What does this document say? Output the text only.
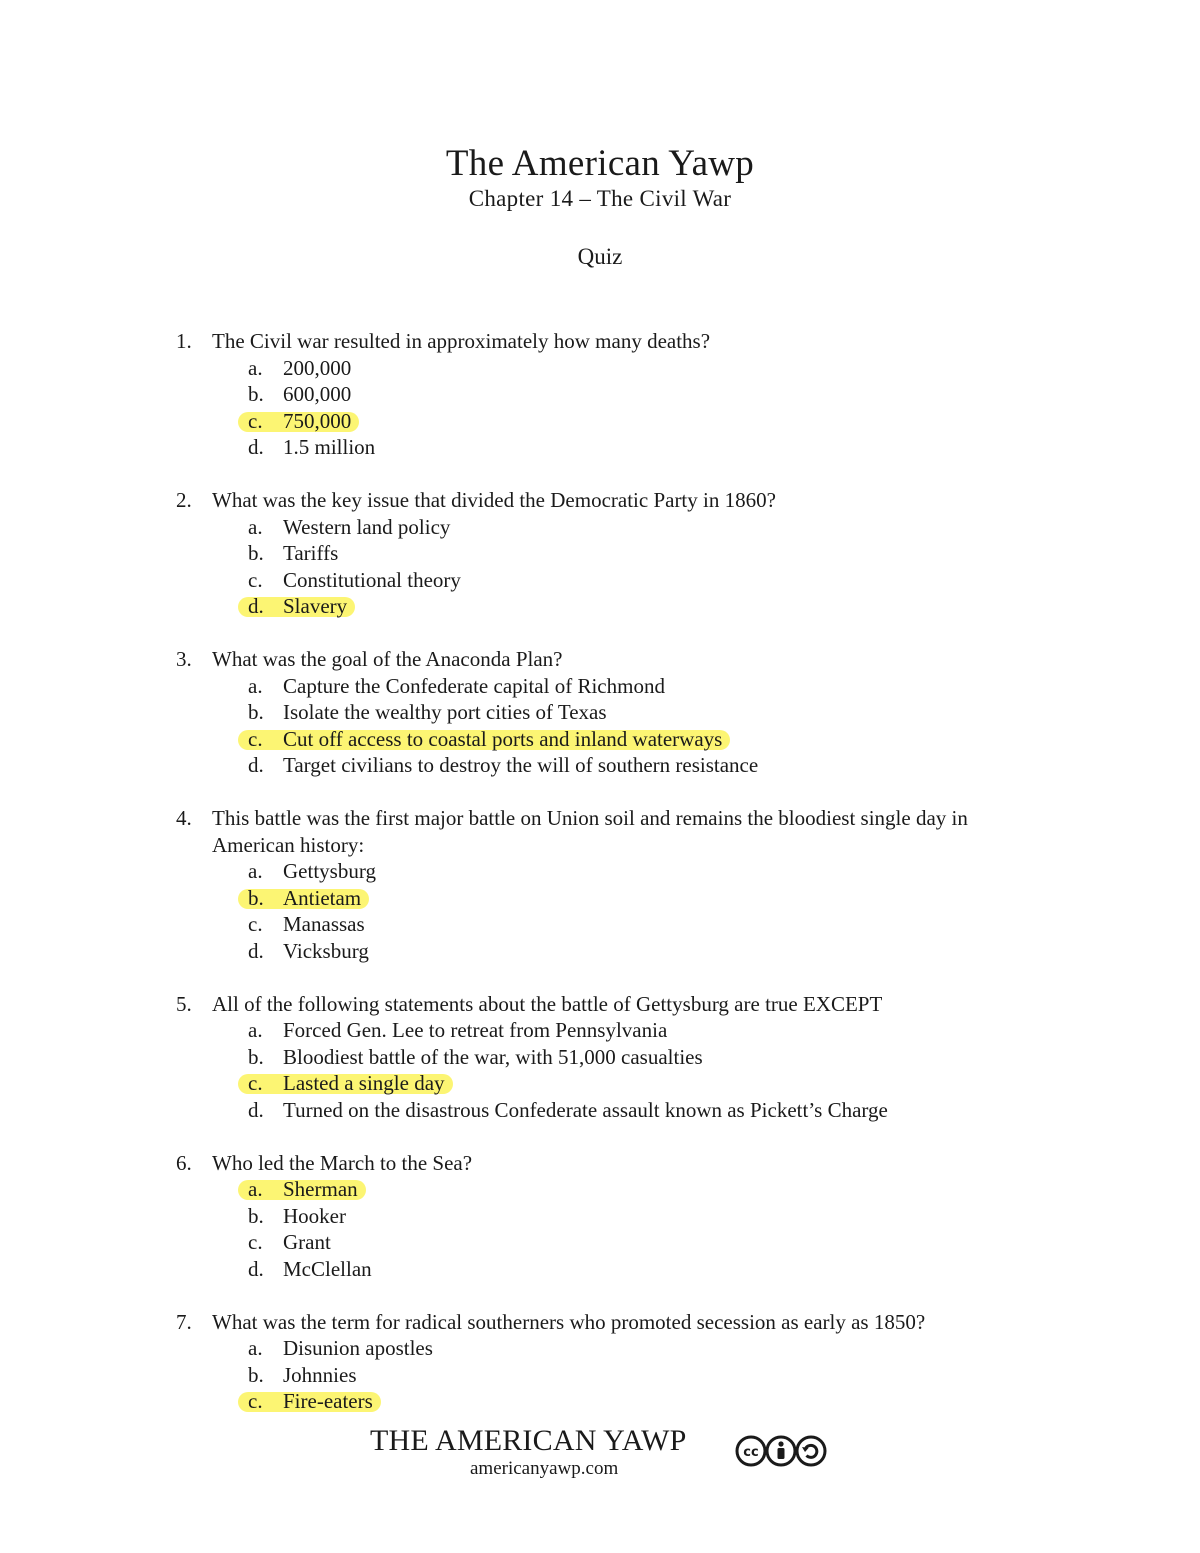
The American Yawp
Chapter 14 – The Civil War
Quiz
1. The Civil war resulted in approximately how many deaths?
a. 200,000
b. 600,000
c. 750,000
d. 1.5 million
2. What was the key issue that divided the Democratic Party in 1860?
a. Western land policy
b. Tariffs
c. Constitutional theory
d. Slavery
3. What was the goal of the Anaconda Plan?
a. Capture the Confederate capital of Richmond
b. Isolate the wealthy port cities of Texas
c. Cut off access to coastal ports and inland waterways
d. Target civilians to destroy the will of southern resistance
4. This battle was the first major battle on Union soil and remains the bloodiest single day in American history:
a. Gettysburg
b. Antietam
c. Manassas
d. Vicksburg
5. All of the following statements about the battle of Gettysburg are true EXCEPT
a. Forced Gen. Lee to retreat from Pennsylvania
b. Bloodiest battle of the war, with 51,000 casualties
c. Lasted a single day
d. Turned on the disastrous Confederate assault known as Pickett’s Charge
6. Who led the March to the Sea?
a. Sherman
b. Hooker
c. Grant
d. McClellan
7. What was the term for radical southerners who promoted secession as early as 1850?
a. Disunion apostles
b. Johnnies
c. Fire-eaters
THE AMERICAN YAWP
americanyawp.com
cc
